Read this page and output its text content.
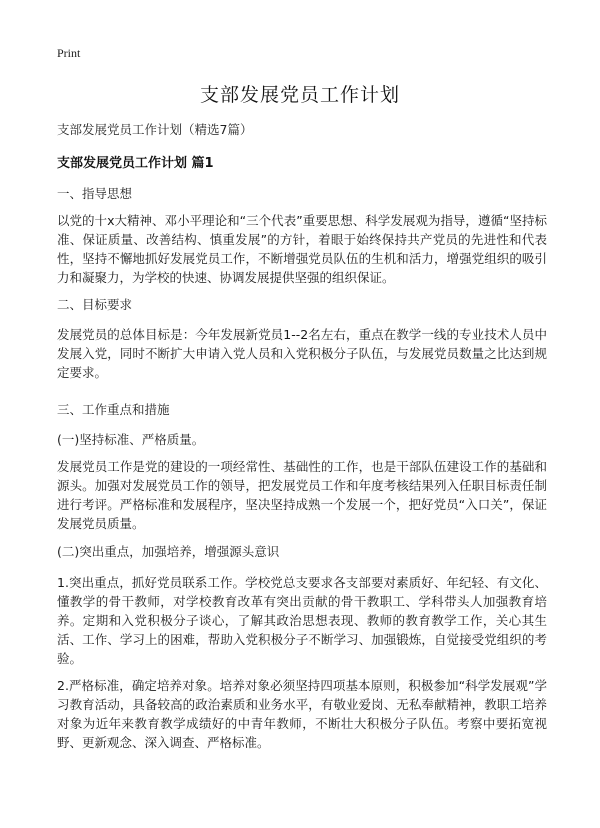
Print
支部发展党员工作计划
支部发展党员工作计划（精选7篇）
支部发展党员工作计划 篇1
一、指导思想
以党的十x大精神、邓小平理论和“三个代表”重要思想、科学发展观为指导，遵循“坚持标准、保证质量、改善结构、慎重发展”的方针，着眼于始终保持共产党员的先进性和代表性，坚持不懈地抓好发展党员工作，不断增强党员队伍的生机和活力，增强党组织的吸引力和凝聚力，为学校的快速、协调发展提供坚强的组织保证。
二、目标要求
发展党员的总体目标是：今年发展新党员1--2名左右，重点在教学一线的专业技术人员中发展入党，同时不断扩大申请入党人员和入党积极分子队伍，与发展党员数量之比达到规定要求。
三、工作重点和措施
(一)坚持标准、严格质量。
发展党员工作是党的建设的一项经常性、基础性的工作，也是干部队伍建设工作的基础和源头。加强对发展党员工作的领导，把发展党员工作和年度考核结果列入任职目标责任制进行考评。严格标准和发展程序，坚决坚持成熟一个发展一个，把好党员“入口关”，保证发展党员质量。
(二)突出重点，加强培养，增强源头意识
1.突出重点，抓好党员联系工作。学校党总支要求各支部要对素质好、年纪轻、有文化、懂教学的骨干教师，对学校教育改革有突出贡献的骨干教职工、学科带头人加强教育培养。定期和入党积极分子谈心，了解其政治思想表现、教师的教育教学工作，关心其生活、工作、学习上的困难，帮助入党积极分子不断学习、加强锻炼，自觉接受党组织的考验。
2.严格标准，确定培养对象。培养对象必须坚持四项基本原则，积极参加“科学发展观”学习教育活动，具备较高的政治素质和业务水平，有敬业爱岗、无私奉献精神，教职工培养对象为近年来教育教学成绩好的中青年教师，不断壮大积极分子队伍。考察中要拓宽视野、更新观念、深入调查、严格标准。
